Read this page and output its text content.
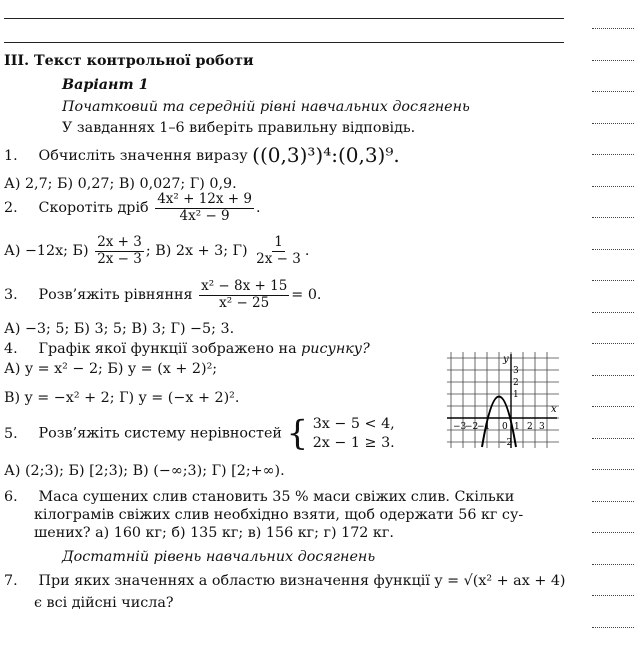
III. Текст контрольної роботи
Варіант 1
Початковий та середній рівні навчальних досягнень
У завданнях 1–6 виберіть правильну відповідь.
1. Обчисліть значення виразу ((0,3)³)⁴:(0,3)⁹.
А) 2,7; Б) 0,27; В) 0,027; Г) 0,9.
2. Скоротіть дріб $\frac{\text{4x² + 12x + 9}}{\text{4x² − 9}}$ .
А) −12x; $Б) \frac{2x + 3}{2x - 3}$ ; В) 2x + 3; $Г) \frac{1}{2x - 3}$ .
3. Розв’яжіть рівняння $\frac{\text{x² − 8x + 15}}{\text{x² − 25}} = 0$.
А) −3; 5; Б) 3; 5; В) 3; Г) −5; 3.
4. Графік якої функції зображено на рисунку?
А) y = x² − 2; Б) y = (x + 2)²;
В) y = −x² + 2; Г) y = (−x + 2)².
5. Розв’яжіть систему нерівностей { 3x − 5 < 4,
2x − 1 ≥ 3.
А) (2;3); Б) [2;3); В) (−∞;3); Г) [2;+∞).
6. Маса сушених слив становить 35 % маси свіжих слив. Скільки
кілограмів свіжих слив необхідно взяти, щоб одержати 56 кг су-
шених? а) 160 кг; б) 135 кг; в) 156 кг; г) 172 кг.
Достатній рівень навчальних досягнень
7. При яких значеннях a областю визначення функції y = √(x² + ax + 4)
є всі дійсні числа?
y
x
−3
−2
−1 0 1 2 3
3
2
1
−2
